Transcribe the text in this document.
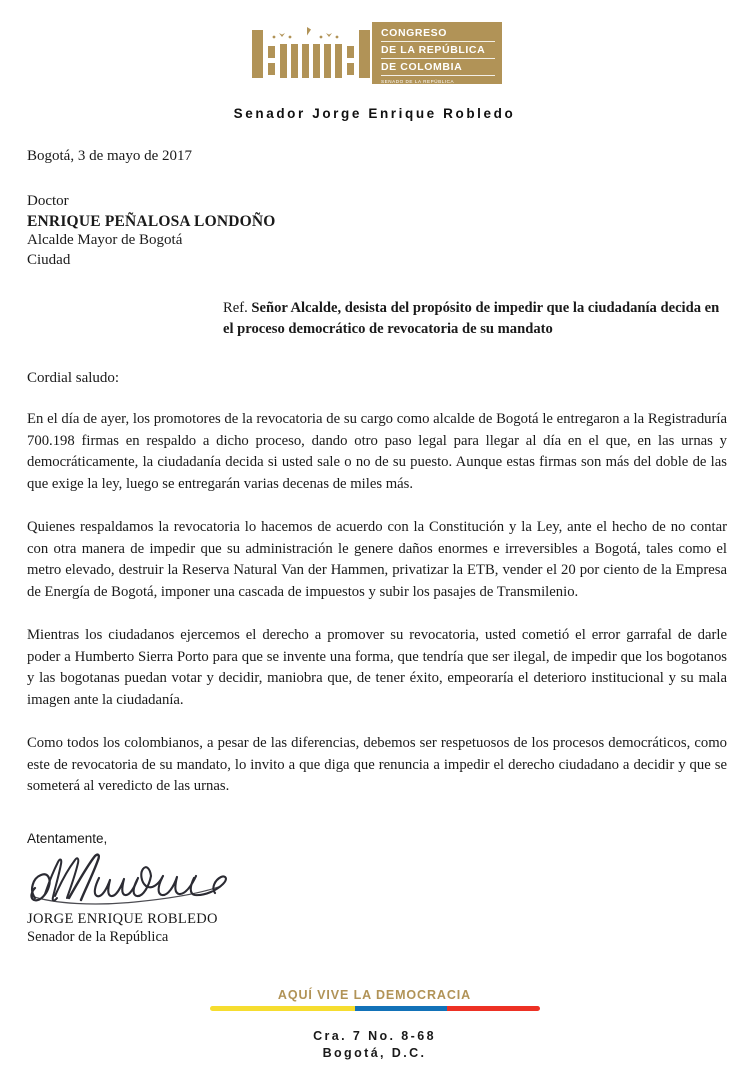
CONGRESO
DE LA REPÚBLICA
DE COLOMBIA
SENADO DE LA REPÚBLICA
Senador Jorge Enrique Robledo
Bogotá, 3 de mayo de 2017
Doctor
ENRIQUE PEÑALOSA LONDOÑO
Alcalde Mayor de Bogotá
Ciudad
Ref. Señor Alcalde, desista del propósito de impedir que la ciudadanía decida en el proceso democrático de revocatoria de su mandato
Cordial saludo:

En el día de ayer, los promotores de la revocatoria de su cargo como alcalde de Bogotá le entregaron a la Registraduría 700.198 firmas en respaldo a dicho proceso, dando otro paso legal para llegar al día en el que, en las urnas y democráticamente, la ciudadanía decida si usted sale o no de su puesto. Aunque estas firmas son más del doble de las que exige la ley, luego se entregarán varias decenas de miles más.

Quienes respaldamos la revocatoria lo hacemos de acuerdo con la Constitución y la Ley, ante el hecho de no contar con otra manera de impedir que su administración le genere daños enormes e irreversibles a Bogotá, tales como el metro elevado, destruir la Reserva Natural Van der Hammen, privatizar la ETB, vender el 20 por ciento de la Empresa de Energía de Bogotá, imponer una cascada de impuestos y subir los pasajes de Transmilenio.

Mientras los ciudadanos ejercemos el derecho a promover su revocatoria, usted cometió el error garrafal de darle poder a Humberto Sierra Porto para que se invente una forma, que tendría que ser ilegal, de impedir que los bogotanos y las bogotanas puedan votar y decidir, maniobra que, de tener éxito, empeoraría el deterioro institucional y su mala imagen ante la ciudadanía.

Como todos los colombianos, a pesar de las diferencias, debemos ser respetuosos de los procesos democráticos, como este de revocatoria de su mandato, lo invito a que diga que renuncia a impedir el derecho ciudadano a decidir y que se someterá al veredicto de las urnas.

Atentamente,
JORGE ENRIQUE ROBLEDO
Senador de la República
AQUÍ VIVE LA DEMOCRACIA
Cra. 7 No. 8-68
Bogotá, D.C.
